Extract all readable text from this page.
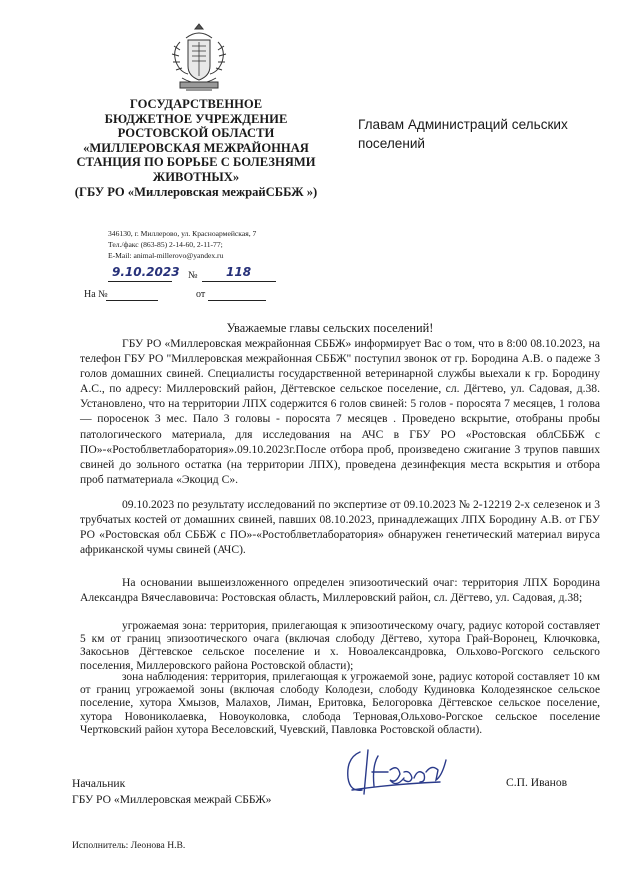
ГОСУДАРСТВЕННОЕ
БЮДЖЕТНОЕ УЧРЕЖДЕНИЕ
РОСТОВСКОЙ ОБЛАСТИ
«МИЛЛЕРОВСКАЯ МЕЖРАЙОННАЯ
СТАНЦИЯ ПО БОРЬБЕ С БОЛЕЗНЯМИ
ЖИВОТНЫХ»
(ГБУ РО «Миллеровская межрайСББЖ »)
Главам Администраций сельских поселений
346130, г. Миллерово, ул. Красноармейская, 7
Тел./факс (863-85) 2-14-60, 2-11-77;
E-Mail: animal-millerovo@yandex.ru
9.10.2023 № 118
На №	от
Уважаемые главы сельских поселений!
ГБУ РО «Миллеровская межрайонная СББЖ» информирует Вас о том, что в 8:00 08.10.2023, на телефон ГБУ РО "Миллеровская межрайонная СББЖ" поступил звонок от гр. Бородина А.В. о падеже 3 голов домашних свиней. Специалисты государственной ветеринарной службы выехали к гр. Бородину А.С., по адресу: Миллеровский район, Дёгтевское сельское поселение, сл. Дёгтево, ул. Садовая, д.38. Установлено, что на территории ЛПХ содержится 6 голов свиней: 5 голов - поросята 7 месяцев, 1 голова — поросенок 3 мес. Пало 3 головы - поросята 7 месяцев . Проведено вскрытие, отобраны пробы патологического материала, для исследования на АЧС в ГБУ РО «Ростовская облСББЖ с ПО»-«Ростоблветлаборатория».09.10.2023г.После отбора проб, произведено сжигание 3 трупов павших свиней до зольного остатка (на территории ЛПХ), проведена дезинфекция места вскрытия и отбора проб патматериала «Экоцид С».
09.10.2023 по результату исследований по экспертизе от 09.10.2023 № 2-12219 2-х селезенок и 3 трубчатых костей от домашних свиней, павших 08.10.2023, принадлежащих ЛПХ Бородину А.В. от ГБУ РО «Ростовская обл СББЖ с ПО»-«Ростоблветлаборатория» обнаружен генетический материал вируса африканской чумы свиней (АЧС).
На основании вышеизложенного определен эпизоотический очаг: территория ЛПХ Бородина Александра Вячеславовича: Ростовская область, Миллеровский район, сл. Дёгтево, ул. Садовая, д.38;
угрожаемая зона: территория, прилегающая к эпизоотическому очагу, радиус которой составляет 5 км от границ эпизоотического очага (включая слободу Дёгтево, хутора Грай-Воронец, Ключковка, Закосьнов Дёгтевское сельское поселение и х. Новоалександровка, Ольхово-Рогского сельского поселения, Миллеровского района Ростовской области);
зона наблюдения: территория, прилегающая к угрожаемой зоне, радиус которой составляет 10 км от границ угрожаемой зоны (включая слободу Колодези, слободу Кудиновка Колодезянское сельское поселение, хутора Хмызов, Малахов, Лиман, Еритовка, Белогоровка Дёгтевское сельское поселение, хутора Новониколаевка, Новоуколовка, слобода Терновая,Ольхово-Рогское сельское поселение Чертковский район хутора Веселовский, Чуевский, Павловка Ростовской области).
Начальник
ГБУ РО «Миллеровская межрай СББЖ»
С.П. Иванов
Исполнитель: Леонова Н.В.
